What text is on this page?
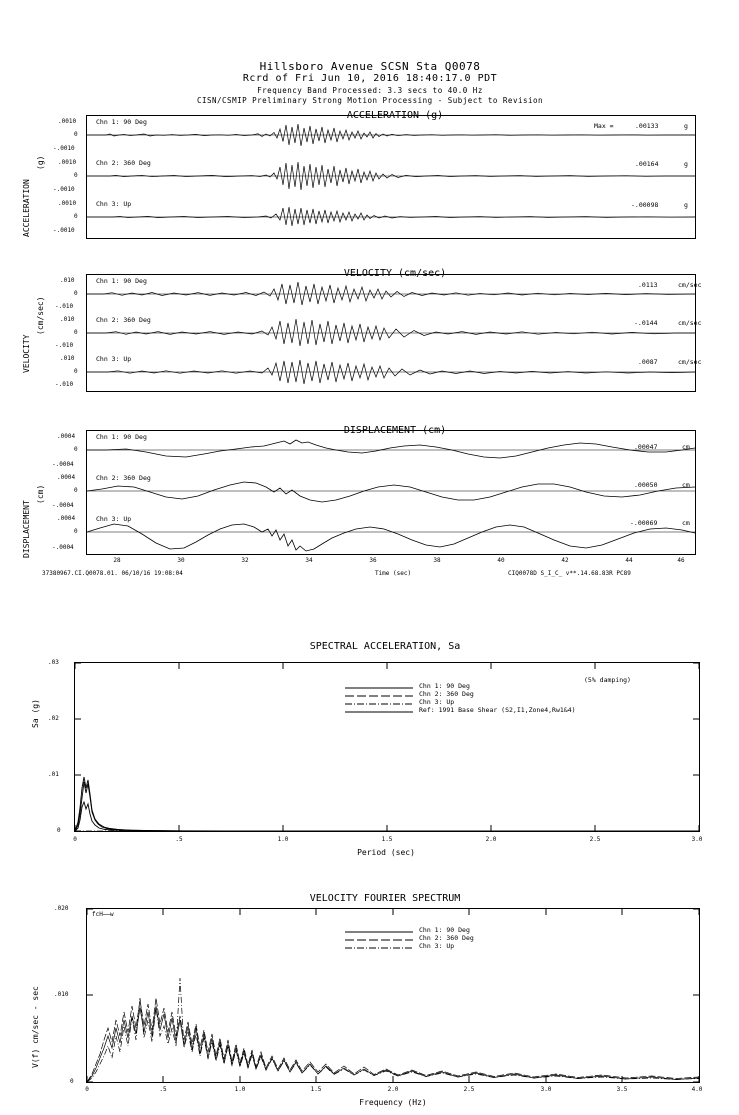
Hillsboro Avenue SCSN Sta Q0078
Rcrd of Fri Jun 10, 2016 18:40:17.0 PDT
Frequency Band Processed: 3.3 secs to 40.0 Hz
CISN/CSMIP Preliminary Strong Motion Processing - Subject to Revision
ACCELERATION (g)
ACCELERATION
(g)
Chn 1: 90 Deg
Chn 2: 360 Deg
Chn 3: Up
Max =	.00133	g
.00164	g
-.00098	g
.0010
0
-.0010
.0010
0
-.0010
.0010
0
-.0010
VELOCITY (cm/sec)
VELOCITY
(cm/sec)
Chn 1: 90 Deg
Chn 2: 360 Deg
Chn 3: Up
.0113	cm/sec
-.0144	cm/sec
.0087	cm/sec
.010
0
-.010
.010
0
-.010
.010
0
-.010
DISPLACEMENT (cm)
DISPLACEMENT
(cm)
Chn 1: 90 Deg
Chn 2: 360 Deg
Chn 3: Up
.00047	cm
.00050	cm
-.00069	cm
.0004
0
-.0004
.0004
0
-.0004
.0004
0
-.0004
28	30	32	34	36	38	40	42	44	46
37380967.CI.Q0078.01. 06/10/16 19:08:04	Time (sec)	CIQ0078D S_I_C_ v**.14.68.83R PC89
SPECTRAL ACCELERATION, Sa
Sa (g)
(5% damping)
Chn 1: 90 Deg
Chn 2: 360 Deg
Chn 3: Up
Ref: 1991 Base Shear (S2,I1,Zone4,Rw1&4)
0
.01
.02
.03
0	.5	1.0	1.5	2.0	2.5	3.0
Period (sec)
VELOCITY FOURIER SPECTRUM
V(f) cm/sec - sec
fcH̶̶w
Chn 1: 90 Deg
Chn 2: 360 Deg
Chn 3: Up
0
.010
.020
0	.5	1.0	1.5	2.0	2.5	3.0	3.5	4.0
Frequency (Hz)
